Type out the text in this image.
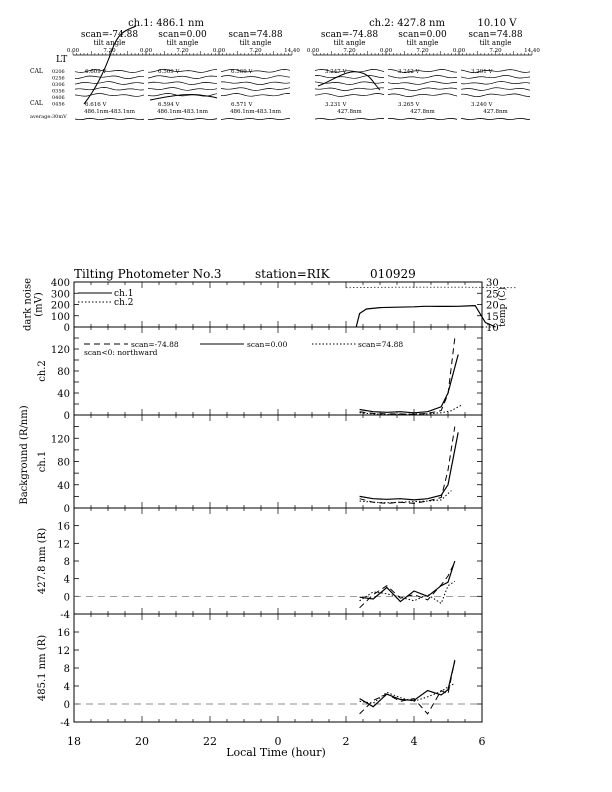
ch.1: 486.1 nm	ch.2: 427.8 nm	10.10 V
LT
CAL
CAL
average:30mV
0206
0256
0306
0356
0406
0456
scan=-74.88
tilt angle
0.00	7.20
6.609 V
6.616 V
486.1nm-483.1nm
scan=0.00
tilt angle
0.00	7.20
6.569 V
6.594 V
486.1nm-483.1nm
scan=74.88
tilt angle
0.00	7.20	14.40
6.569 V
6.571 V
486.1nm-483.1nm
scan=-74.88
tilt angle
0.00	7.20
3.247 V
3.231 V
427.8nm
scan=0.00
tilt angle
0.00	7.20
3.242 V
3.265 V
427.8nm
scan=74.88
tilt angle
0.00	7.20	14.40
3.291 V
3.240 V
427.8nm
Tilting Photometer No.3	station=RIK	010929
0
100
200
300
400
10
15
20
25
30
dark noise (mV)
0
40
80
120
ch.2
0
40
80
120
ch.1
-4
0
4
8
12
16
427.8 nm (R)
-4
0
4
8
12
16
485.1 nm (R)
18	20	22	0	2	4	6
ch.1
ch.2
scan=-74.88	scan=0.00	scan=74.88
scan<0: northward
Local Time (hour)
Background (R/nm)
temp (C)
